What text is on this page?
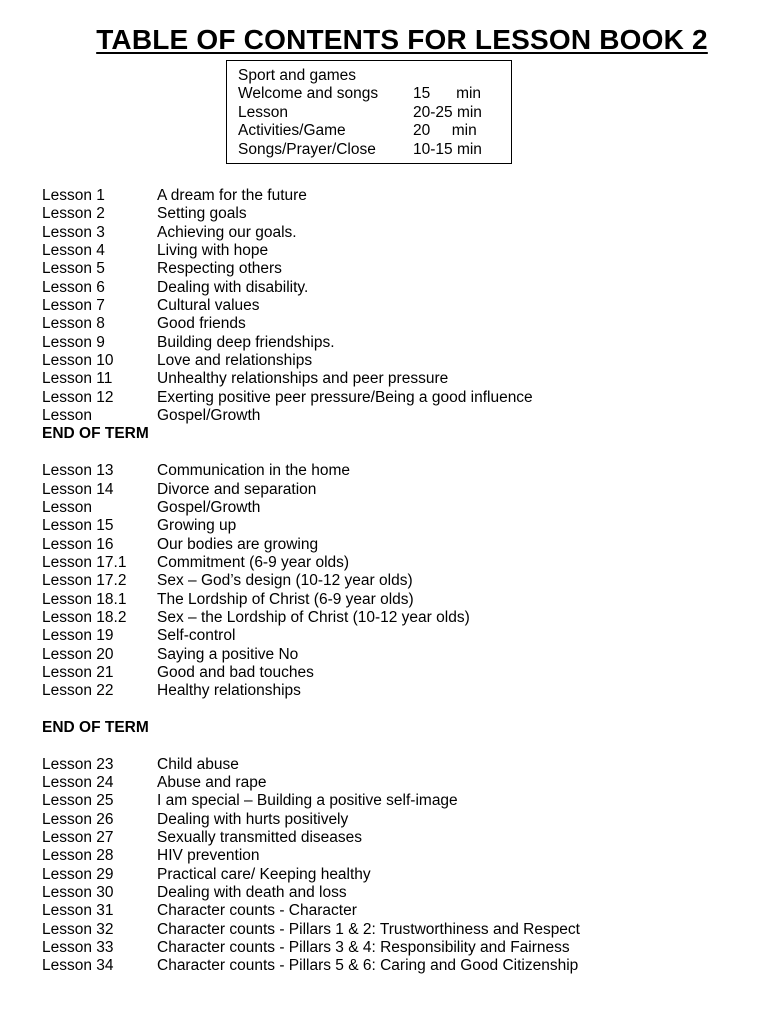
TABLE OF CONTENTS FOR LESSON BOOK 2
Sport and games
Welcome and songs 15      min
Lesson	20-25 min
Activities/Game	20     min
Songs/Prayer/Close 10-15 min
Lesson 1	A dream for the future
Lesson 2	Setting goals
Lesson 3	Achieving our goals.
Lesson 4	Living with hope
Lesson 5	Respecting others
Lesson 6	Dealing with disability.
Lesson 7	Cultural values
Lesson 8	Good friends
Lesson 9	Building deep friendships.
Lesson 10	Love and relationships
Lesson 11	Unhealthy relationships and peer pressure
Lesson 12	Exerting positive peer pressure/Being a good influence
Lesson	Gospel/Growth
END OF TERM
Lesson 13	Communication in the home
Lesson 14	Divorce and separation
Lesson	Gospel/Growth
Lesson 15	Growing up
Lesson 16	Our bodies are growing
Lesson 17.1 Commitment (6-9 year olds)
Lesson 17.2 Sex – God’s design (10-12 year olds)
Lesson 18.1 The Lordship of Christ (6-9 year olds)
Lesson 18.2 Sex – the Lordship of Christ (10-12 year olds)
Lesson 19	Self-control
Lesson 20	Saying a positive No
Lesson 21	Good and bad touches
Lesson 22	Healthy relationships
END OF TERM
Lesson 23	Child abuse
Lesson 24	Abuse and rape
Lesson 25	I am special – Building a positive self-image
Lesson 26	Dealing with hurts positively
Lesson 27	Sexually transmitted diseases
Lesson 28	HIV prevention
Lesson 29	Practical care/ Keeping healthy
Lesson 30	Dealing with death and loss
Lesson 31	Character counts - Character
Lesson 32	Character counts - Pillars 1 & 2: Trustworthiness and Respect
Lesson 33	Character counts - Pillars 3 & 4: Responsibility and Fairness
Lesson 34	Character counts - Pillars 5 & 6: Caring and Good Citizenship
